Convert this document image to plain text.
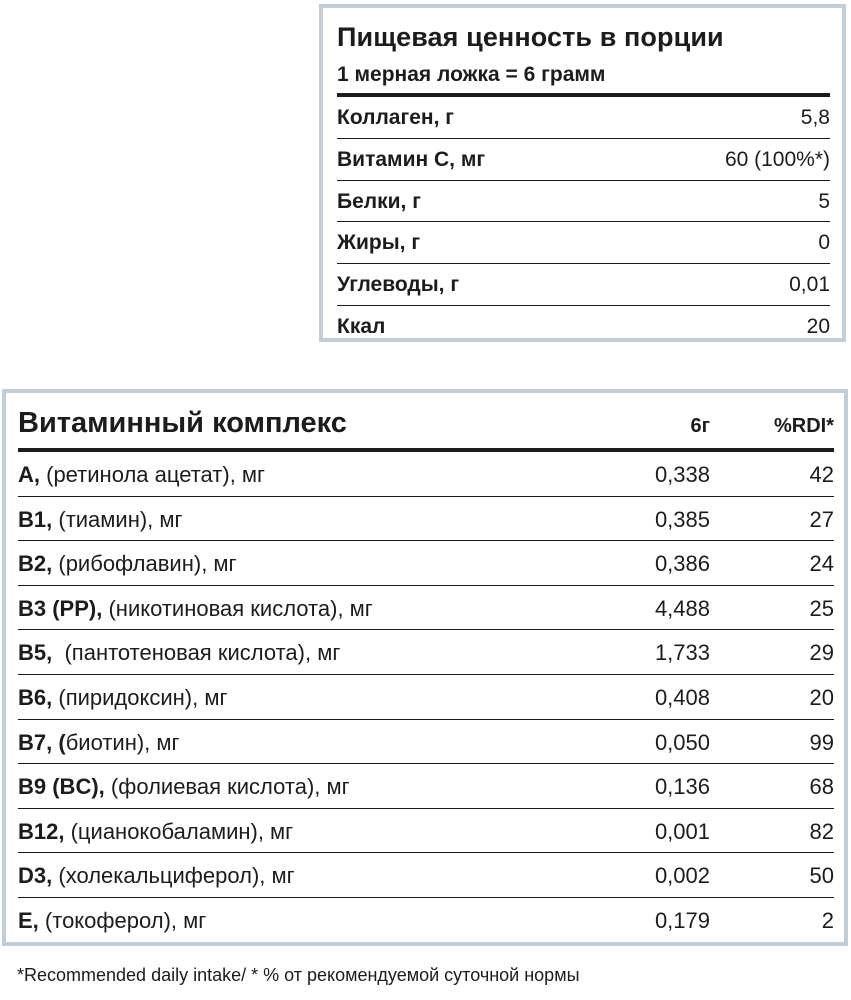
Пищевая ценность в порции
1 мерная ложка = 6 грамм
Коллаген, г	5,8
Витамин С, мг	60 (100%*)
Белки, г	5
Жиры, г	0
Углеводы, г	0,01
Ккал	20
Витаминный комплекс	6г	%RDI*
A, (ретинола ацетат), мг	0,338	42
B1, (тиамин), мг	0,385	27
B2, (рибофлавин), мг	0,386	24
B3 (PP), (никотиновая кислота), мг	4,488	25
B5,  (пантотеновая кислота), мг	1,733	29
B6, (пиридоксин), мг	0,408	20
B7, (биотин), мг	0,050	99
B9 (BC), (фолиевая кислота), мг	0,136	68
B12, (цианокобаламин), мг	0,001	82
D3, (холекальциферол), мг	0,002	50
E, (токоферол), мг	0,179	2
*Recommended daily intake/ * % от рекомендуемой суточной нормы
